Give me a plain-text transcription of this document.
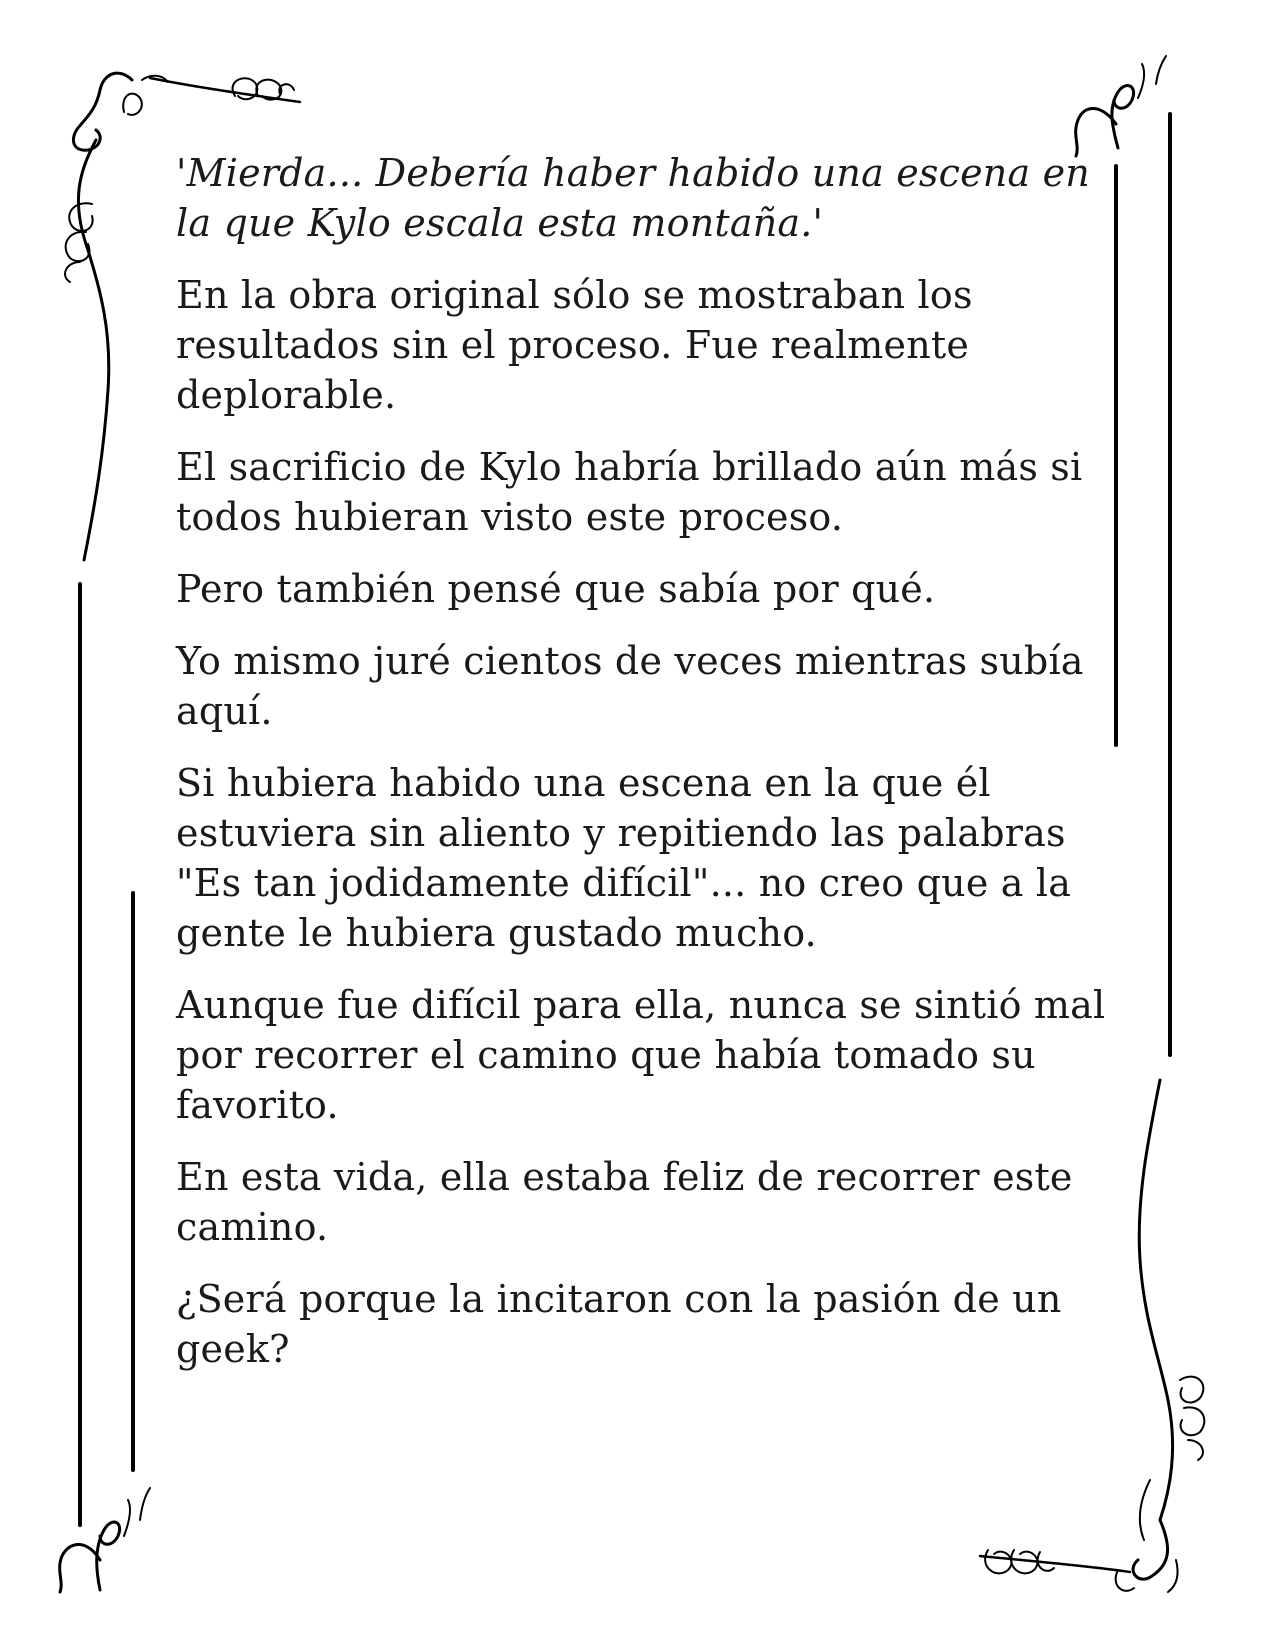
'Mierda... Debería haber habido una escena en la que Kylo escala esta montaña.'

En la obra original sólo se mostraban los resultados sin el proceso. Fue realmente deplorable.

El sacrificio de Kylo habría brillado aún más si todos hubieran visto este proceso.

Pero también pensé que sabía por qué.

Yo mismo juré cientos de veces mientras subía aquí.

Si hubiera habido una escena en la que él estuviera sin aliento y repitiendo las palabras "Es tan jodidamente difícil"... no creo que a la gente le hubiera gustado mucho.

Aunque fue difícil para ella, nunca se sintió mal por recorrer el camino que había tomado su favorito.

En esta vida, ella estaba feliz de recorrer este camino.

¿Será porque la incitaron con la pasión de un geek?
